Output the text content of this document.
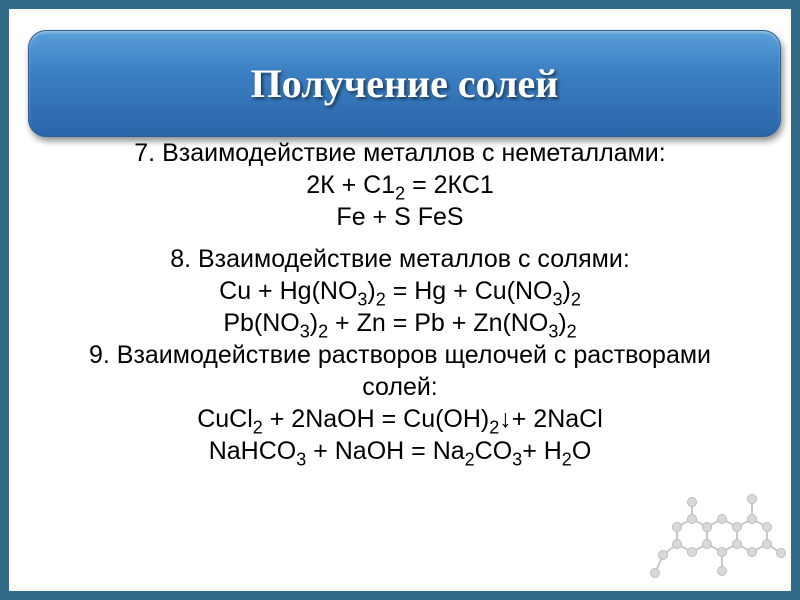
Получение солей
7. Взаимодействие металлов с неметаллами:
$2К + С1_2 = 2КС1$
Fe + S FeS
8. Взаимодействие металлов с солями:
$Cu + Hg(NO_3)_2 = Hg + Cu(NO_3)_2$
$Pb(NO_3)_2 + Zn = Pb + Zn(NO_3)_2$
9. Взаимодействие растворов щелочей с растворами
солей:
CuCl$_2$ + 2NaOH = $Cu(OH)_2↓+$ 2NaCl
NaHCO$_3$ + NaOH = $Na_2CO_3+ H_2O$
